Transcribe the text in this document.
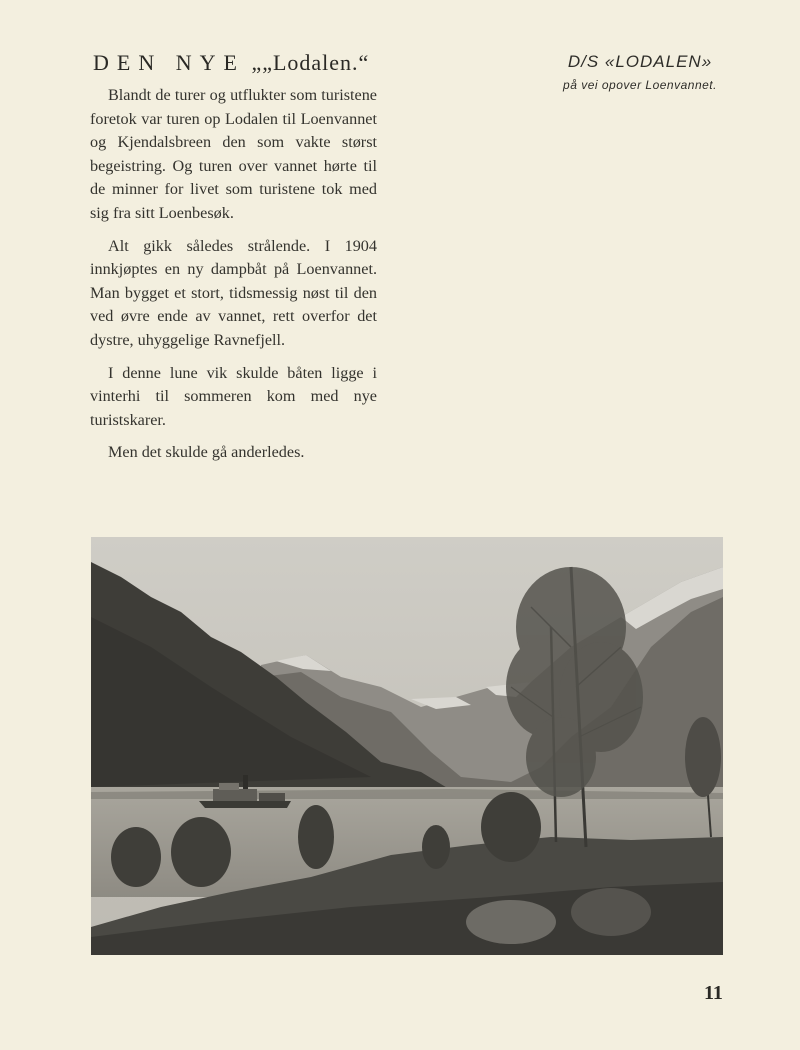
DEN NYE „„Lodalen.“

Blandt de turer og utflukter som turistene foretok var turen op Lodalen til Loenvannet og Kjendalsbreen den som vakte størst begeistring. Og turen over vannet hørte til de minner for livet som turistene tok med sig fra sitt Loenbesøk.

Alt gikk således strålende. I 1904 innkjøptes en ny dampbåt på Loenvannet. Man bygget et stort, tidsmessig nøst til den ved øvre ende av vannet, rett overfor det dystre, uhyggelige Ravnefjell.

I denne lune vik skulde båten ligge i vinterhi til sommeren kom med nye turistskarer.

Men det skulde gå anderledes.

D/S «LODALEN»
på vei opover Loenvannet.
11
